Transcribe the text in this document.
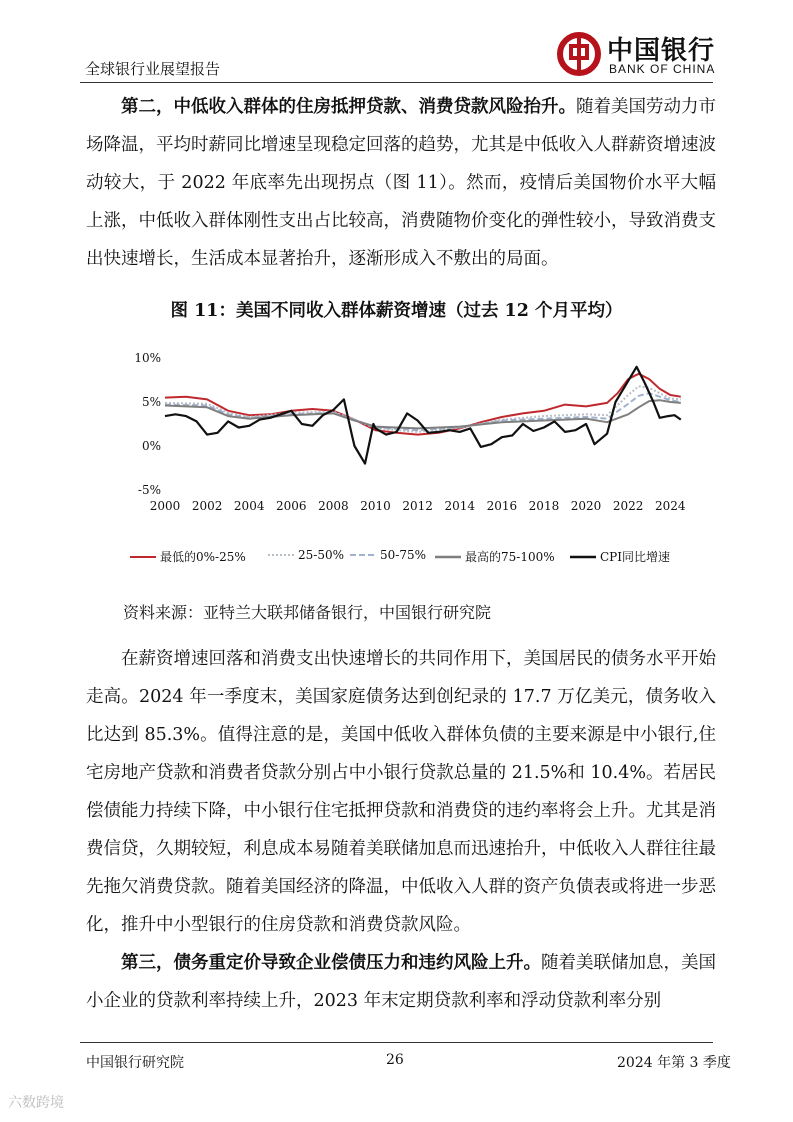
全球银行业展望报告
中国银行
BANK OF CHINA

第二，中低收入群体的住房抵押贷款、消费贷款风险抬升。随着美国劳动力市场降温，平均时薪同比增速呈现稳定回落的趋势，尤其是中低收入人群薪资增速波动较大，于 2022 年底率先出现拐点（图 11）。然而，疫情后美国物价水平大幅上涨，中低收入群体刚性支出占比较高，消费随物价变化的弹性较小，导致消费支出快速增长，生活成本显著抬升，逐渐形成入不敷出的局面。

图 11：美国不同收入群体薪资增速（过去 12 个月平均）
10%
5%
0%
-5%
2000 2002 2004 2006 2008 2010 2012 2014 2016 2018 2020 2022 2024
最低的0%-25%	25-50%	50-75%	最高的75-100%	CPI同比增速
资料来源：亚特兰大联邦储备银行，中国银行研究院

在薪资增速回落和消费支出快速增长的共同作用下，美国居民的债务水平开始走高。2024 年一季度末，美国家庭债务达到创纪录的 17.7 万亿美元，债务收入比达到 85.3%。值得注意的是，美国中低收入群体负债的主要来源是中小银行,住宅房地产贷款和消费者贷款分别占中小银行贷款总量的 21.5%和 10.4%。若居民偿债能力持续下降，中小银行住宅抵押贷款和消费贷的违约率将会上升。尤其是消费信贷，久期较短，利息成本易随着美联储加息而迅速抬升，中低收入人群往往最先拖欠消费贷款。随着美国经济的降温，中低收入人群的资产负债表或将进一步恶化，推升中小型银行的住房贷款和消费贷款风险。

第三，债务重定价导致企业偿债压力和违约风险上升。随着美联储加息，美国小企业的贷款利率持续上升，2023 年末定期贷款利率和浮动贷款利率分别

中国银行研究院	26	2024 年第 3 季度
六数跨境
